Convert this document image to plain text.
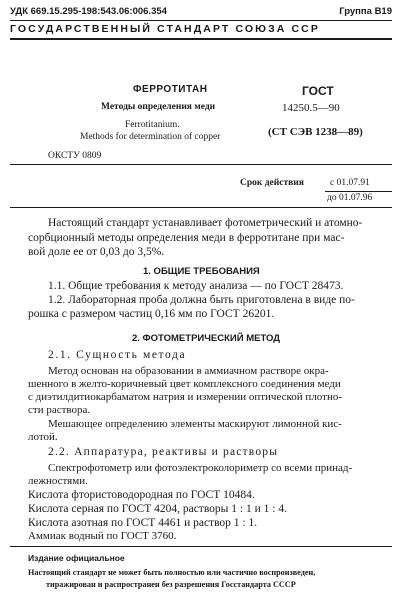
УДК 669.15.295-198:543.06:006.354	Группа В19
ГОСУДАРСТВЕННЫЙ СТАНДАРТ СОЮЗА ССР
ФЕРРОТИТАН
Методы определения меди
Ferrotitanium.
Methods for determination of copper
ГОСТ
14250.5—90
(СТ СЭВ 1238—89)
ОКСТУ 0809
Срок действия	с 01.07.91
до 01.07.96
Настоящий стандарт устанавливает фотометрический и атомно-
сорбционный методы определения меди в ферротитане при мас-
вой доле ее от 0,03 до 3,5%.
1. ОБЩИЕ ТРЕБОВАНИЯ
1.1. Общие требования к методу анализа — по ГОСТ 28473.
1.2. Лабораторная проба должна быть приготовлена в виде по-
рошка с размером частиц 0,16 мм по ГОСТ 26201.
2. ФОТОМЕТРИЧЕСКИЙ МЕТОД
2.1. Сущность метода
Метод основан на образовании в аммиачном растворе окра-
шенного в желто-коричневый цвет комплексного соединения меди
с диэтилдитиокарбаматом натрия и измерении оптической плотно-
сти раствора.
Мешающее определению элементы маскируют лимонной кис-
лотой.
2.2. Аппаратура, реактивы и растворы
Спектрофотометр или фотоэлектроколориметр со всеми принад-
лежностями.
Кислота фтористоводородная по ГОСТ 10484.
Кислота серная по ГОСТ 4204, растворы 1 : 1 и 1 : 4.
Кислота азотная по ГОСТ 4461 и раствор 1 : 1.
Аммиак водный по ГОСТ 3760.
Издание официальное
Настоящий стандарт не может быть полностью или частично воспроизведен,
тиражирован и распространен без разрешения Госстандарта СССР
